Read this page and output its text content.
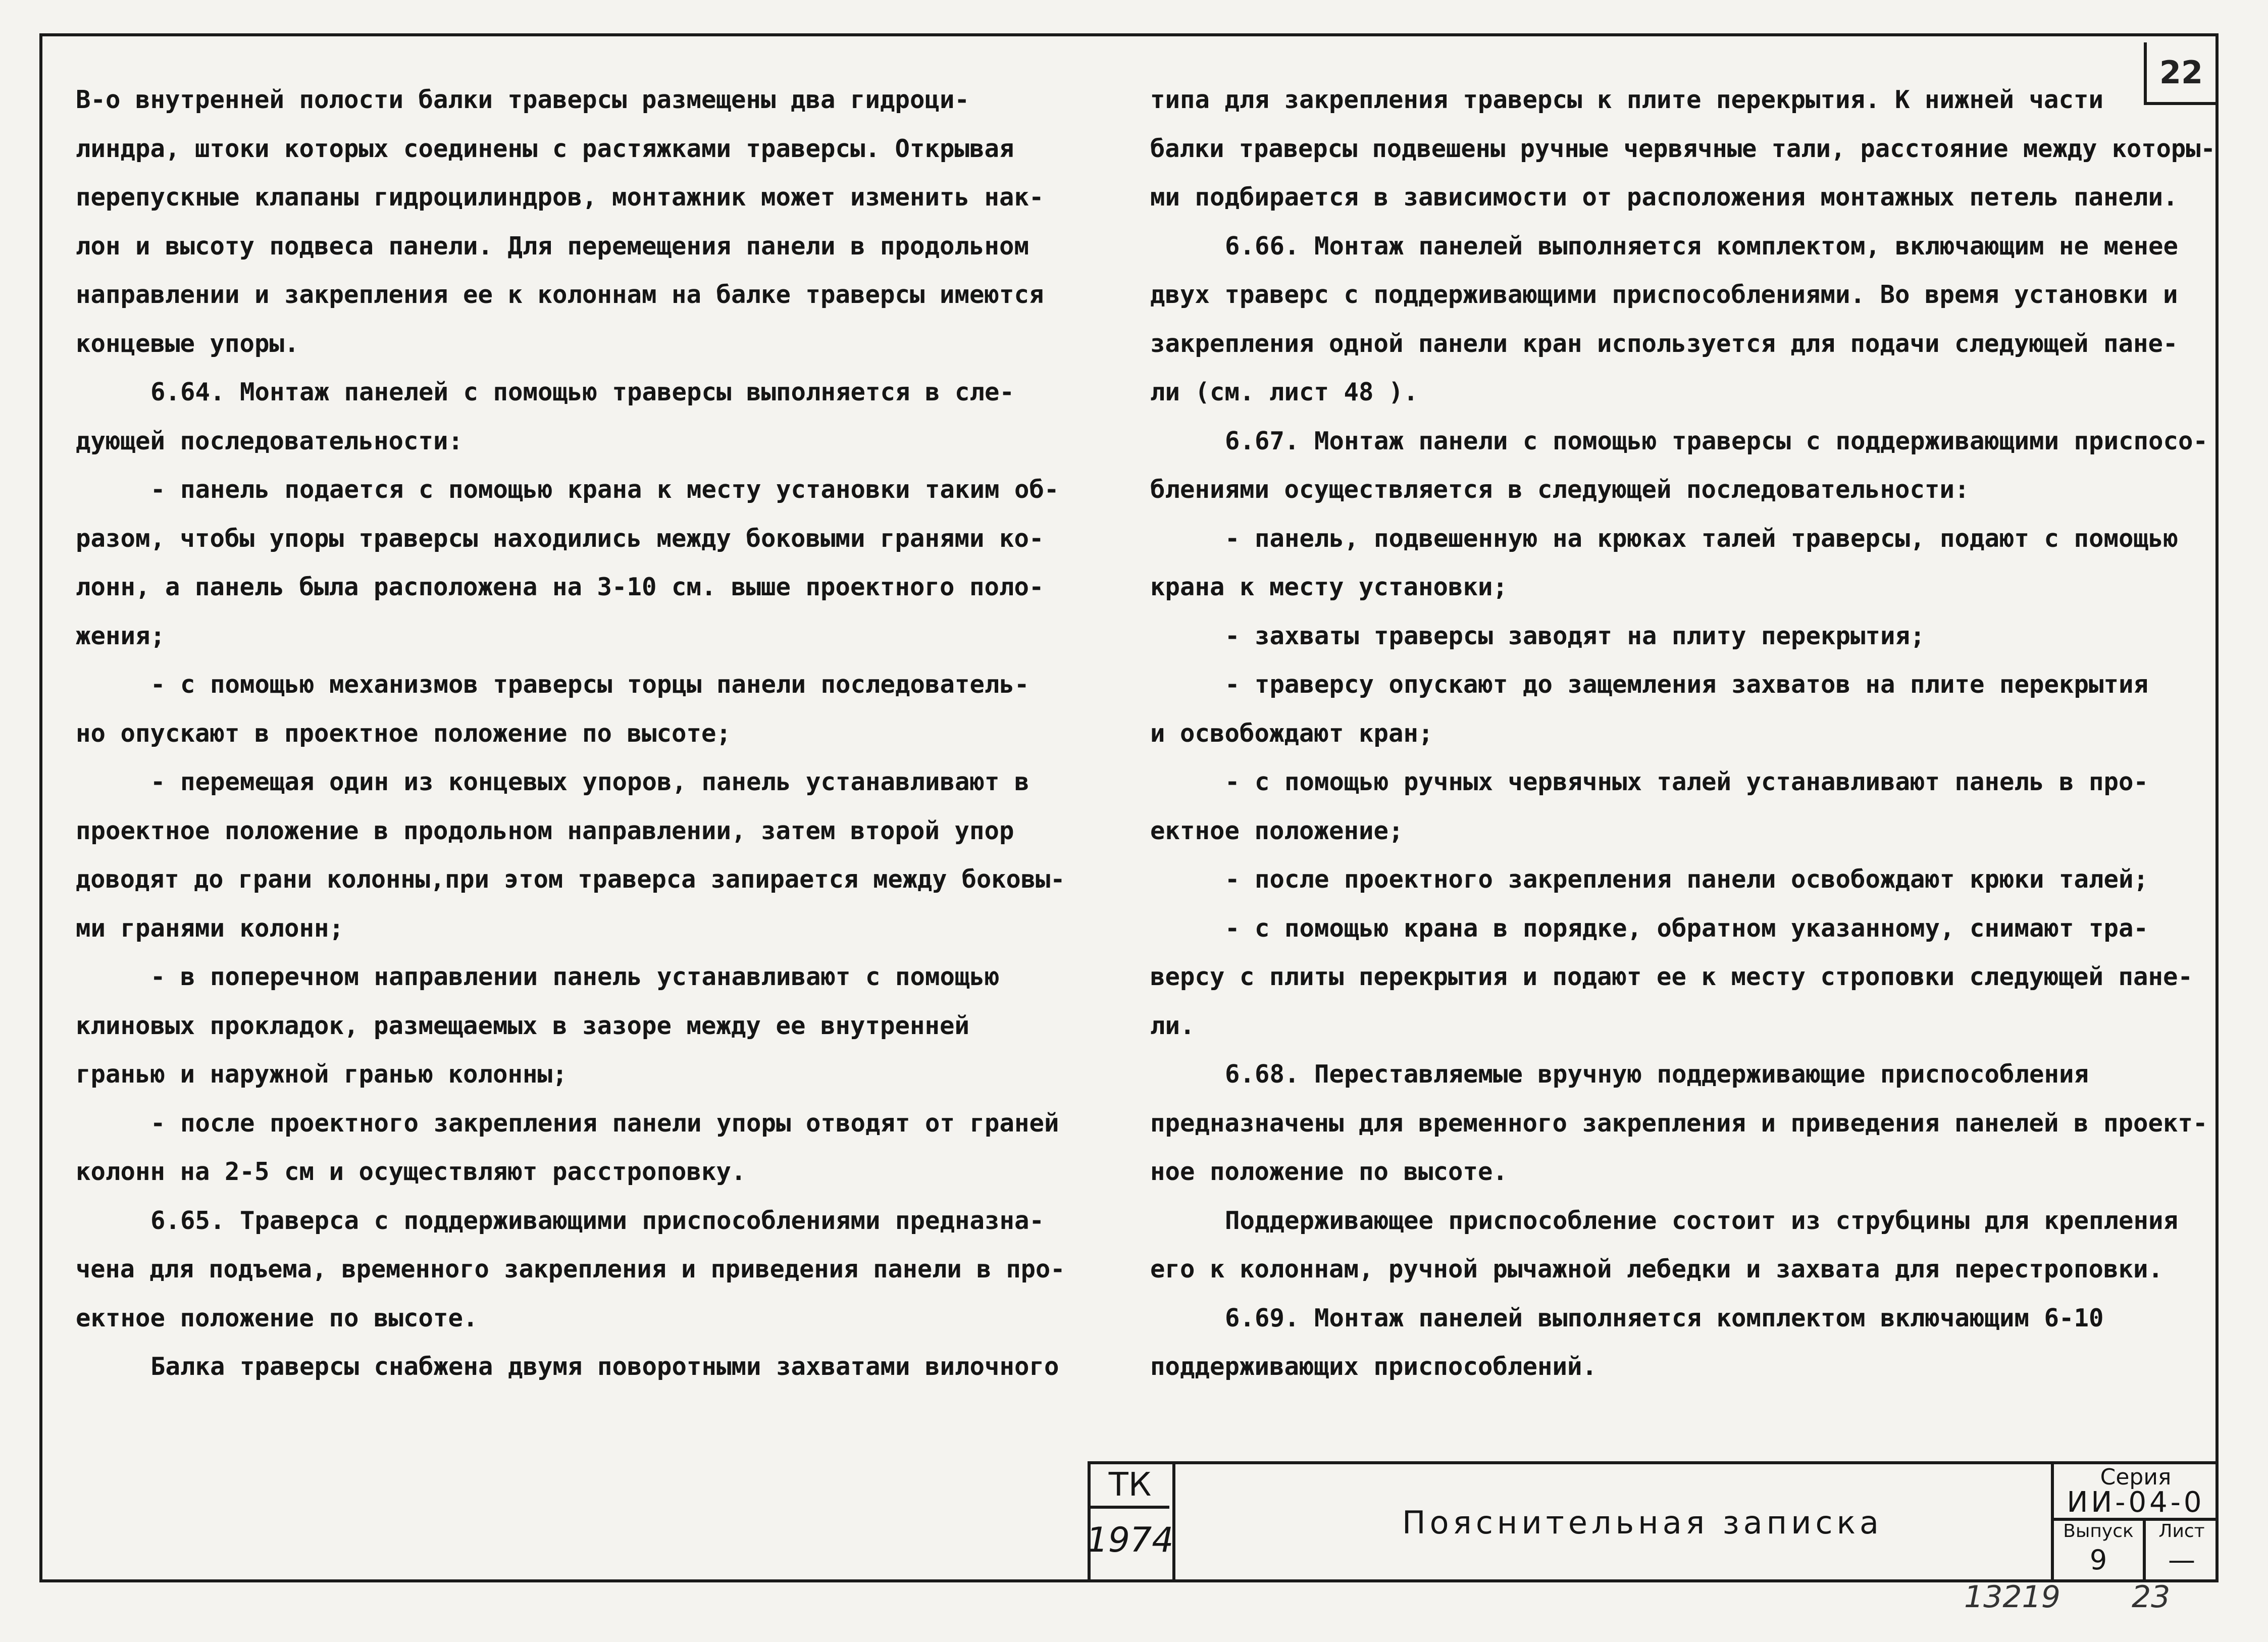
22

В-о внутренней полости балки траверсы размещены два гидроци-

линдра, штоки которых соединены с растяжками траверсы. Открывая

перепускные клапаны гидроцилиндров, монтажник может изменить нак-

лон и высоту подвеса панели. Для перемещения панели в продольном

направлении и закрепления ее к колоннам на балке траверсы имеются

концевые упоры.

6.64. Монтаж панелей с помощью траверсы выполняется в сле-

дующей последовательности:

- панель подается с помощью крана к месту установки таким об-

разом, чтобы упоры траверсы находились между боковыми гранями ко-

лонн, а панель была расположена на 3-10 см. выше проектного поло-

жения;

- с помощью механизмов траверсы торцы панели последователь-

но опускают в проектное положение по высоте;

- перемещая один из концевых упоров, панель устанавливают в

проектное положение в продольном направлении, затем второй упор

доводят до грани колонны,при этом траверса запирается между боковы-

ми гранями колонн;

- в поперечном направлении панель устанавливают с помощью

клиновых прокладок, размещаемых в зазоре между ее внутренней

гранью и наружной гранью колонны;

- после проектного закрепления панели упоры отводят от граней

колонн на 2-5 см и осуществляют расстроповку.

6.65. Траверса с поддерживающими приспособлениями предназна-

чена для подъема, временного закрепления и приведения панели в про-

ектное положение по высоте.

Балка траверсы снабжена двумя поворотными захватами вилочного

типа для закрепления траверсы к плите перекрытия. К нижней части

балки траверсы подвешены ручные червячные тали, расстояние между которы-

ми подбирается в зависимости от расположения монтажных петель панели.

6.66. Монтаж панелей выполняется комплектом, включающим не менее

двух траверс с поддерживающими приспособлениями. Во время установки и

закрепления одной панели кран используется для подачи следующей пане-

ли (см. лист 48 ).

6.67. Монтаж панели с помощью траверсы с поддерживающими приспосо-

блениями осуществляется в следующей последовательности:

- панель, подвешенную на крюках талей траверсы, подают с помощью

крана к месту установки;

- захваты траверсы заводят на плиту перекрытия;

- траверсу опускают до защемления захватов на плите перекрытия

и освобождают кран;

- с помощью ручных червячных талей устанавливают панель в про-

ектное положение;

- после проектного закрепления панели освобождают крюки талей;

- с помощью крана в порядке, обратном указанному, снимают тра-

версу с плиты перекрытия и подают ее к месту строповки следующей пане-

ли.

6.68. Переставляемые вручную поддерживающие приспособления

предназначены для временного закрепления и приведения панелей в проект-

ное положение по высоте.

Поддерживающее приспособление состоит из струбцины для крепления

его к колоннам, ручной рычажной лебедки и захвата для перестроповки.

6.69. Монтаж панелей выполняется комплектом включающим 6-10

поддерживающих приспособлений.

ТК
1974	Пояснительная записка
Серия
ИИ-04-0
Выпуск	Лист
9	—
13219 23
